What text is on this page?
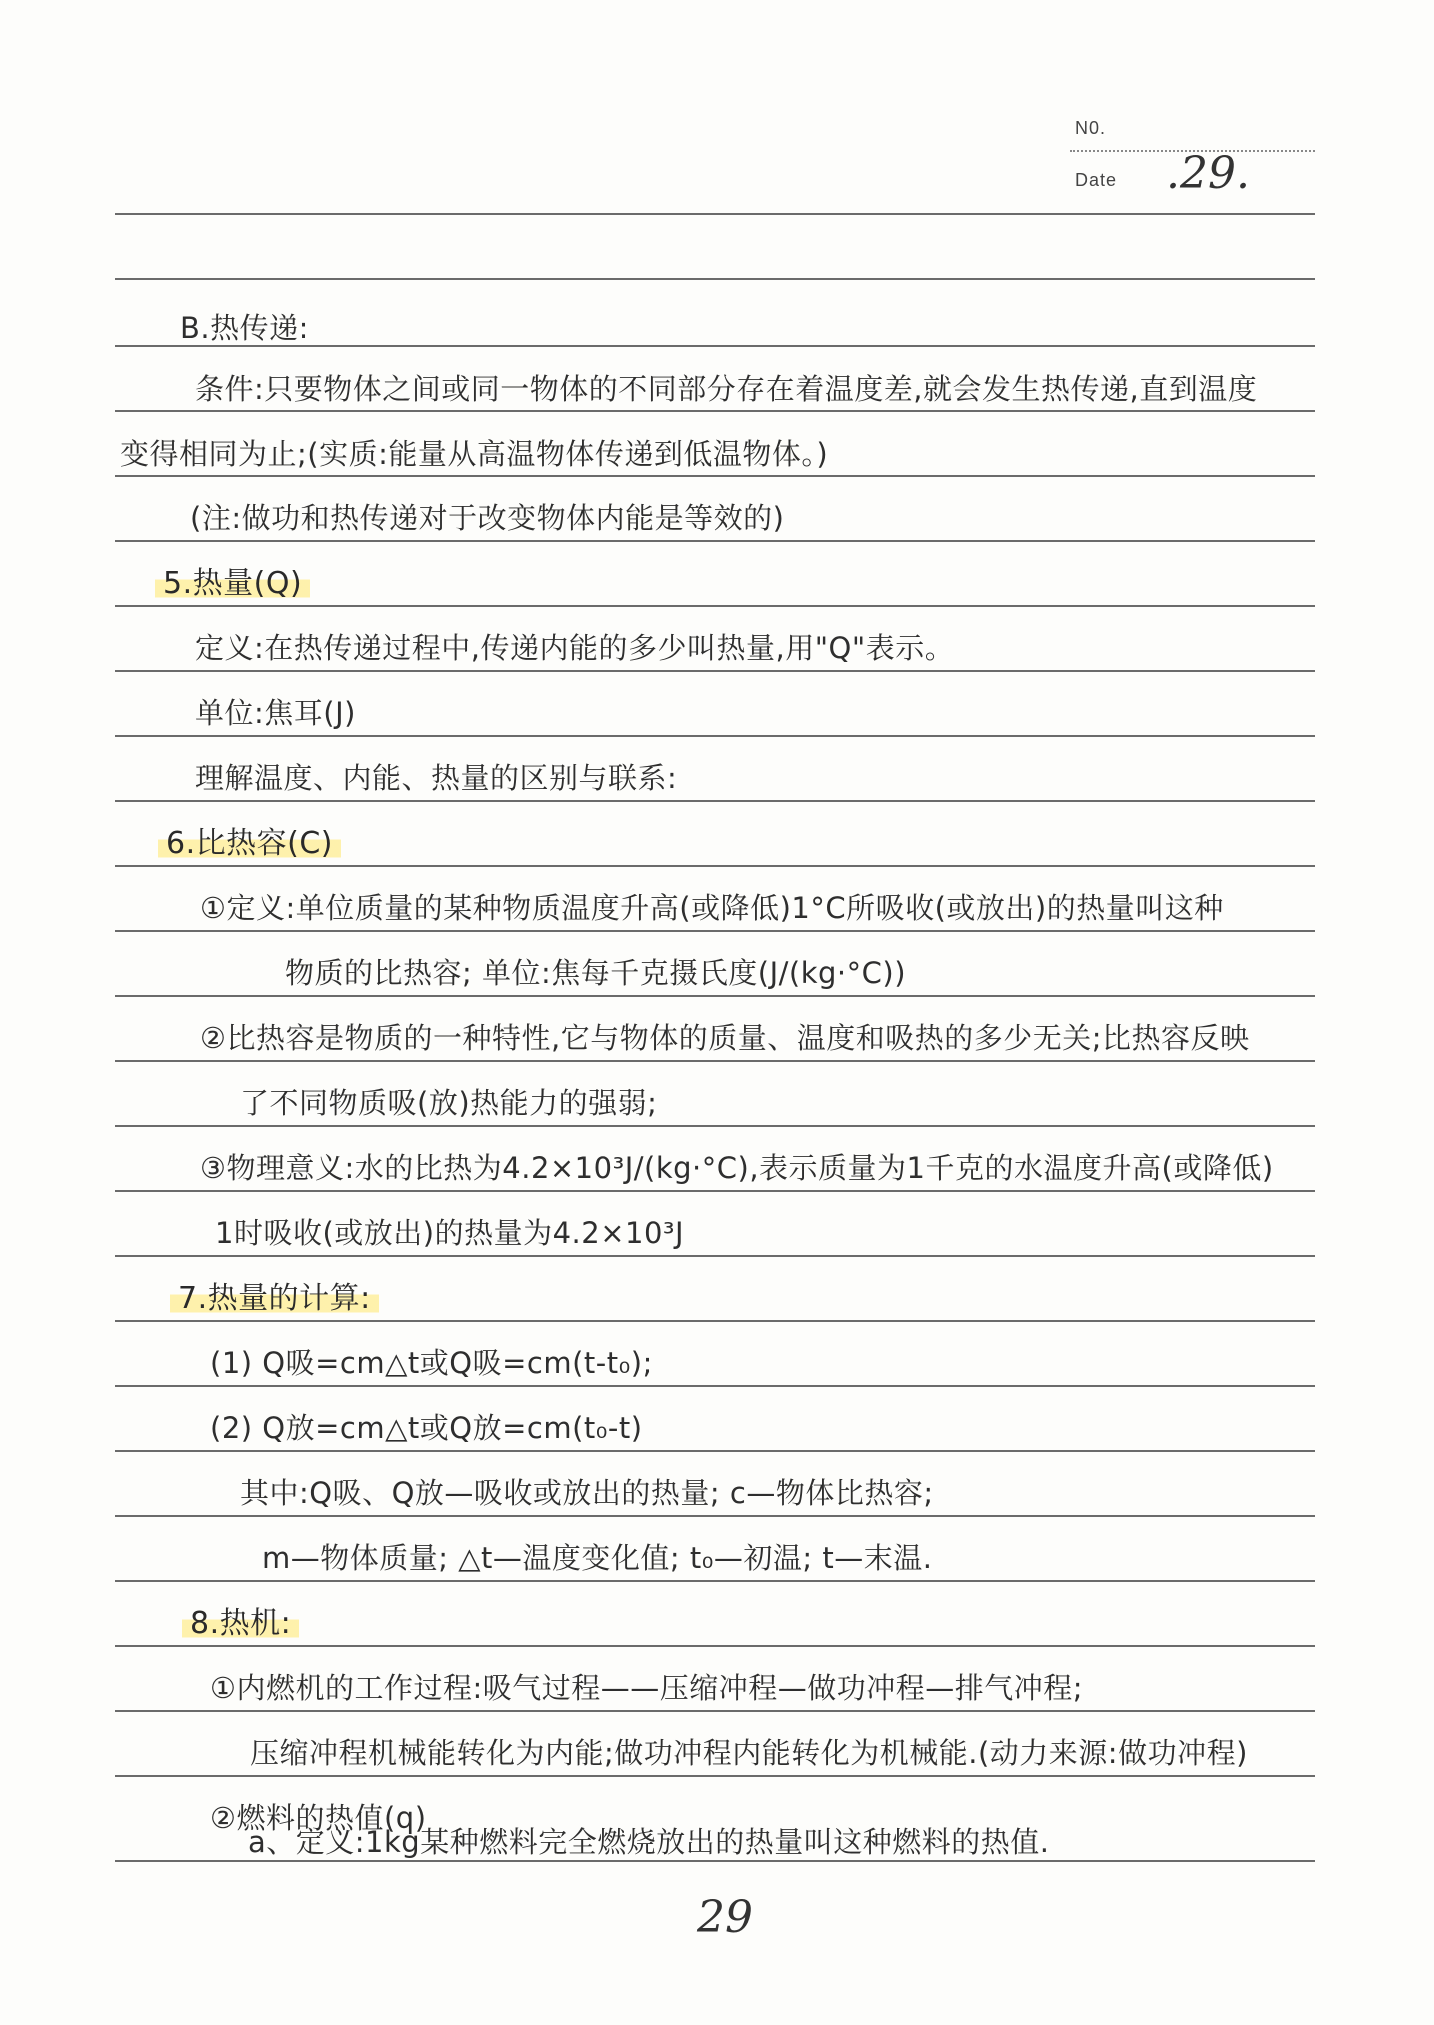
N0.
Date .29.
B.热传递:
条件:只要物体之间或同一物体的不同部分存在着温度差,就会发生热传递,直到温度
变得相同为止;(实质:能量从高温物体传递到低温物体。)
(注:做功和热传递对于改变物体内能是等效的)
5.热量(Q)
定义:在热传递过程中,传递内能的多少叫热量,用"Q"表示。
单位:焦耳(J)
理解温度、内能、热量的区别与联系:
6.比热容(C)
①定义:单位质量的某种物质温度升高(或降低)1°C所吸收(或放出)的热量叫这种
物质的比热容; 单位:焦每千克摄氏度(J/(kg·°C))
②比热容是物质的一种特性,它与物体的质量、温度和吸热的多少无关;比热容反映
了不同物质吸(放)热能力的强弱;
③物理意义:水的比热为4.2×10³J/(kg·°C),表示质量为1千克的水温度升高(或降低)
1时吸收(或放出)的热量为4.2×10³J
7.热量的计算:
(1) Q吸=cm△t或Q吸=cm(t-t₀);
(2) Q放=cm△t或Q放=cm(t₀-t)
其中:Q吸、Q放—吸收或放出的热量; c—物体比热容;
m—物体质量; △t—温度变化值; t₀—初温; t—末温.
8.热机:
①内燃机的工作过程:吸气过程——压缩冲程—做功冲程—排气冲程;
压缩冲程机械能转化为内能;做功冲程内能转化为机械能.(动力来源:做功冲程)
②燃料的热值(q)
a、定义:1kg某种燃料完全燃烧放出的热量叫这种燃料的热值.
29
